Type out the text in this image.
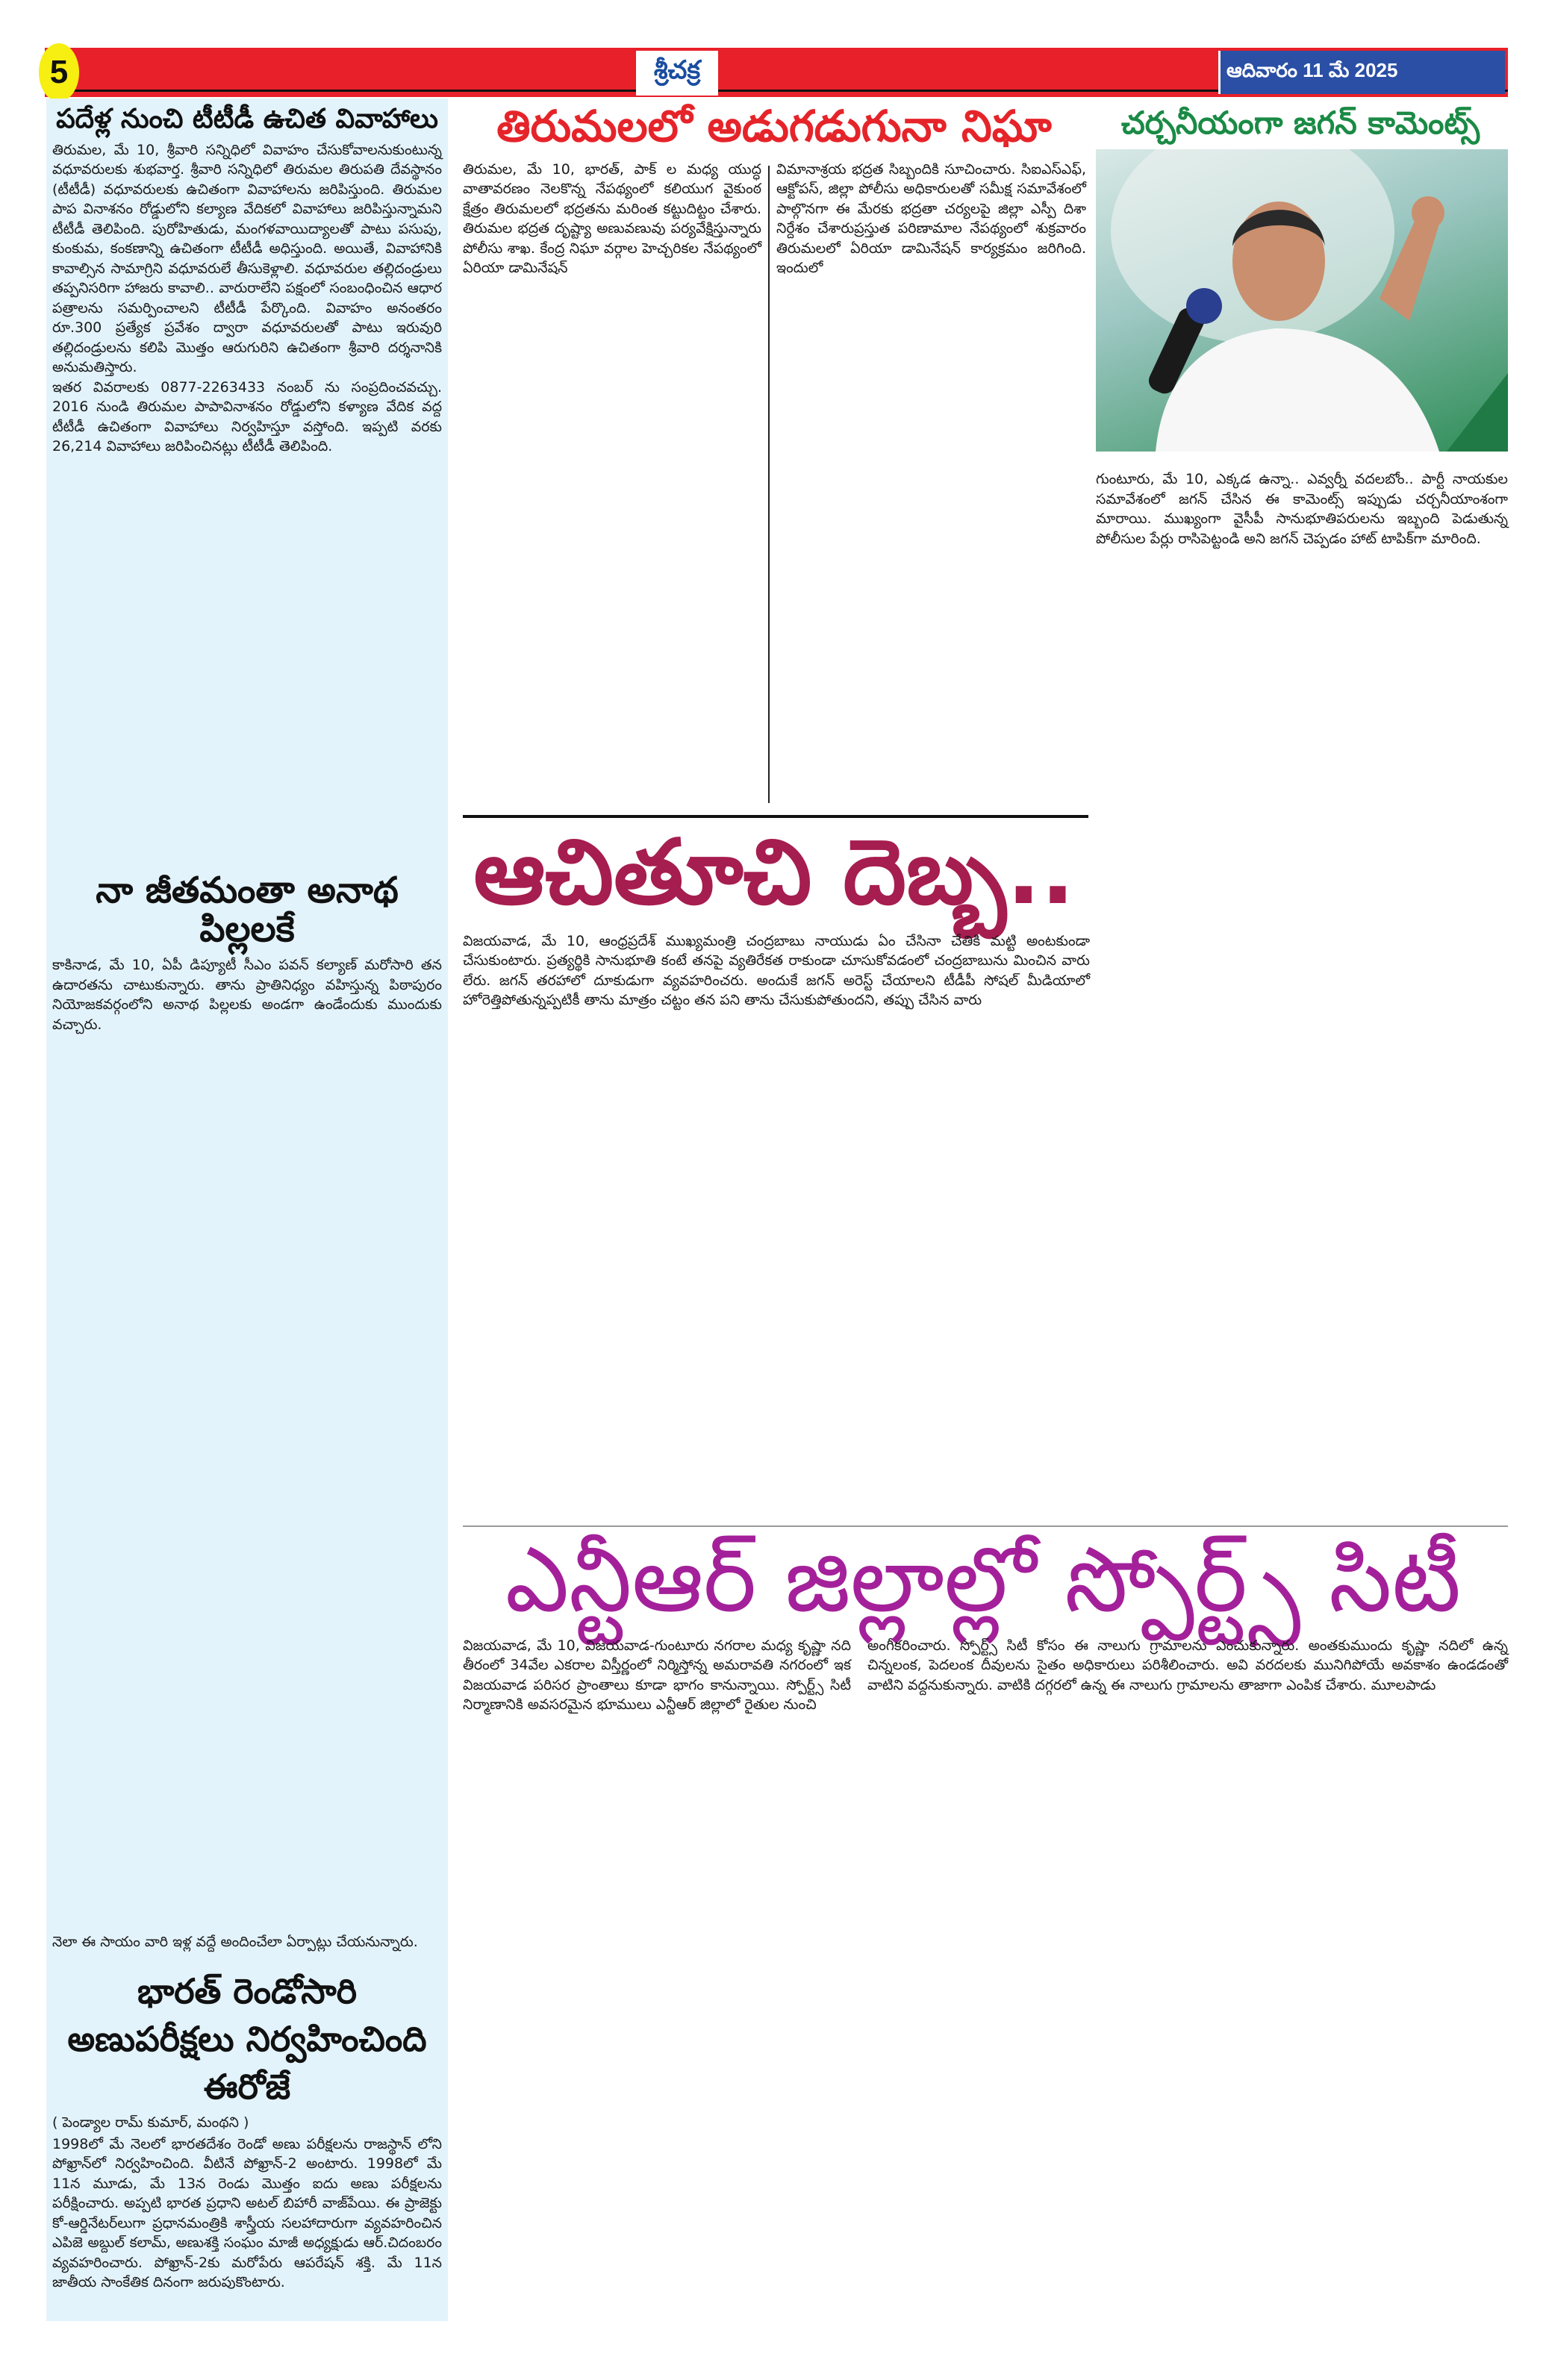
5	శ్రీచక్ర	ఆదివారం 11 మే 2025
పదేళ్ల నుంచి టీటీడీ ఉచిత వివాహాలు

తిరుమల, మే 10, శ్రీవారి సన్నిధిలో వివాహం చేసుకోవాలనుకుంటున్న వధూవరులకు శుభవార్త. శ్రీవారి సన్నిధిలో తిరుమల తిరుపతి దేవస్థానం (టీటీడీ) వధూవరులకు ఉచితంగా వివాహాలను జరిపిస్తుంది. తిరుమల పాప వినాశనం రోడ్డులోని కల్యాణ వేదికలో వివాహాలు జరిపిస్తున్నామని టీటీడీ తెలిపింది. పురోహితుడు, మంగళవాయిద్యాలతో పాటు పసుపు, కుంకుమ, కంకణాన్ని ఉచితంగా టీటీడీ అధిస్తుంది. అయితే, వివాహానికి కావాల్సిన సామాగ్రిని వధూవరులే తీసుకెళ్లాలి. వధూవరుల తల్లిదండ్రులు తప్పనిసరిగా హాజరు కావాలి.. వారురాలేని పక్షంలో సంబంధించిన ఆధార పత్రాలను సమర్పించాలని టీటీడీ పేర్కొంది. వివాహం అనంతరం రూ.300 ప్రత్యేక ప్రవేశం ద్వారా వధూవరులతో పాటు ఇరువురి తల్లిదండ్రులను కలిపి మొత్తం ఆరుగురిని ఉచితంగా శ్రీవారి దర్శనానికి అనుమతిస్తారు.

ఇతర వివరాలకు 0877-2263433 నంబర్ ను సంప్రదించవచ్చు. 2016 నుండి తిరుమల పాపావినాశనం రోడ్డులోని కళ్యాణ వేదిక వద్ద టీటీడీ ఉచితంగా వివాహాలు నిర్వహిస్తూ వస్తోంది. ఇప్పటి వరకు 26,214 వివాహాలు జరిపించినట్లు టీటీడీ తెలిపింది.

నా జీతమంతా అనాథ పిల్లలకే

కాకినాడ, మే 10, ఏపీ డిప్యూటీ సీఎం పవన్ కల్యాణ్ మరోసారి తన ఉదారతను చాటుకున్నారు. తాను ప్రాతినిధ్యం వహిస్తున్న పిఠాపురం నియోజకవర్గంలోని అనాథ పిల్లలకు అండగా ఉండేందుకు ముందుకు వచ్చారు.

నెలా ఈ సాయం వారి ఇళ్ల వద్దే అందించేలా ఏర్పాట్లు చేయనున్నారు.

భారత్ రెండోసారి అణుపరీక్షలు నిర్వహించింది ఈరోజే
( పెండ్యాల రామ్ కుమార్, మంథని )

1998లో మే నెలలో భారతదేశం రెండో అణు పరీక్షలను రాజస్థాన్ లోని పోఖ్రాన్‌లో నిర్వహించింది. వీటినే పోఖ్రాన్-2 అంటారు. 1998లో మే 11న మూడు, మే 13న రెండు మొత్తం ఐదు అణు పరీక్షలను పరీక్షించారు. అప్పటి భారత ప్రధాని అటల్ బిహారీ వాజ్‌పేయి. ఈ ప్రాజెక్టు కో-ఆర్డినేటర్‌లుగా ప్రధానమంత్రికి శాస్త్రీయ సలహాదారుగా వ్యవహరించిన ఎపిజె అబ్దుల్ కలామ్, అణుశక్తి సంఘం మాజీ అధ్యక్షుడు ఆర్.చిదంబరం వ్యవహరించారు. పోఖ్రాన్-2కు మరోపేరు ఆపరేషన్ శక్తి. మే 11న జాతీయ సాంకేతిక దినంగా జరుపుకొంటారు.

తిరుమలలో అడుగడుగునా నిఘా
తిరుమల, మే 10, భారత్, పాక్ ల మధ్య యుద్ధ వాతావరణం నెలకొన్న నేపథ్యంలో కలియుగ వైకుంఠ క్షేత్రం తిరుమలలో భద్రతను మరింత కట్టుదిట్టం చేశారు. తిరుమల భద్రత దృష్ట్యా అణువణువు పర్యవేక్షిస్తున్నారు పోలీసు శాఖ. కేంద్ర నిఘా వర్గాల హెచ్చరికల నేపథ్యంలో ఏరియా డామినేషన్
విమానాశ్రయ భద్రత సిబ్బందికి సూచించారు. సిఐఎస్ఎఫ్, ఆక్టోపస్, జిల్లా పోలీసు అధికారులతో సమీక్ష సమావేశంలో పాల్గొనగా ఈ మేరకు భద్రతా చర్యలపై జిల్లా ఎస్పీ దిశా నిర్దేశం చేశారుప్రస్తుత పరిణామాల నేపథ్యంలో శుక్రవారం తిరుమలలో ఏరియా డామినేషన్ కార్యక్రమం జరిగింది. ఇందులో
ఆచితూచి దెబ్బ..

విజయవాడ, మే 10, ఆంధ్రప్రదేశ్ ముఖ్యమంత్రి చంద్రబాబు నాయుడు ఏం చేసినా చేతికి మట్టి అంటకుండా చేసుకుంటారు. ప్రత్యర్థికి సానుభూతి కంటే తనపై వ్యతిరేకత రాకుండా చూసుకోవడంలో చంద్రబాబును మించిన వారు లేరు. జగన్ తరహాలో దూకుడుగా వ్యవహరించరు. అందుకే జగన్ అరెస్ట్ చేయాలని టీడీపీ సోషల్ మీడియాలో హోరెత్తిపోతున్నప్పటికీ తాను మాత్రం చట్టం తన పని తాను చేసుకుపోతుందని, తప్పు చేసిన వారు

ఎన్టీఆర్ జిల్లాల్లో స్పోర్ట్స్ సిటీ
విజయవాడ, మే 10, విజయవాడ-గుంటూరు నగరాల మధ్య కృష్ణా నది తీరంలో 34వేల ఎకరాల విస్తీర్ణంలో నిర్మిస్తోన్న అమరావతి నగరంలో ఇక విజయవాడ పరిసర ప్రాంతాలు కూడా భాగం కానున్నాయి. స్పోర్ట్స్ సిటీ నిర్మాణానికి అవసరమైన భూములు ఎన్టీఆర్ జిల్లాలో రైతుల నుంచి
అంగీకరించారు. స్పోర్ట్స్ సిటీ కోసం ఈ నాలుగు గ్రామాలను ఎంచుకున్నారు. అంతకుముందు కృష్ణా నదిలో ఉన్న చిన్నలంక, పెదలంక దీవులను సైతం అధికారులు పరిశీలించారు. అవి వరదలకు మునిగిపోయే అవకాశం ఉండడంతో వాటిని వద్దనుకున్నారు. వాటికి దగ్గరలో ఉన్న ఈ నాలుగు గ్రామాలను తాజాగా ఎంపిక చేశారు. మూలపాడు
చర్చనీయంగా జగన్ కామెంట్స్

గుంటూరు, మే 10, ఎక్కడ ఉన్నా.. ఎవ్వర్నీ వదలబోం.. పార్టీ నాయకుల సమావేశంలో జగన్ చేసిన ఈ కామెంట్స్ ఇప్పుడు చర్చనీయాంశంగా మారాయి. ముఖ్యంగా వైసీపీ సానుభూతిపరులను ఇబ్బంది పెడుతున్న పోలీసుల పేర్లు రాసిపెట్టండి అని జగన్ చెప్పడం హాట్ టాపిక్‌గా మారింది.
